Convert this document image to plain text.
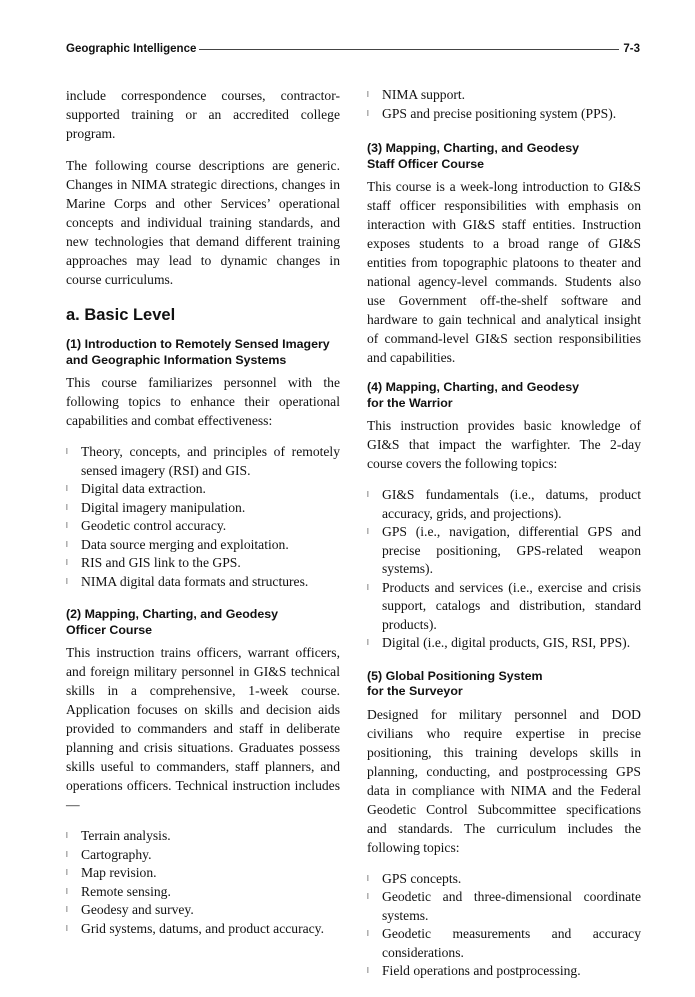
Geographic Intelligence	7-3

include correspondence courses, contractor-supported training or an accredited college program.

The following course descriptions are generic. Changes in NIMA strategic directions, changes in Marine Corps and other Services’ operational concepts and individual training standards, and new technologies that demand different training approaches may lead to dynamic changes in course curriculums.

a. Basic Level
(1) Introduction to Remotely Sensed Imagery
and Geographic Information Systems

This course familiarizes personnel with the following topics to enhance their operational capabilities and combat effectiveness:

l Theory, concepts, and principles of remotely sensed imagery (RSI) and GIS.
l Digital data extraction.
l Digital imagery manipulation.
l Geodetic control accuracy.
l Data source merging and exploitation.
l RIS and GIS link to the GPS.
l NIMA digital data formats and structures.
(2) Mapping, Charting, and Geodesy
Officer Course

This instruction trains officers, warrant officers, and foreign military personnel in GI&S technical skills in a comprehensive, 1-week course. Application focuses on skills and decision aids provided to commanders and staff in deliberate planning and crisis situations. Graduates possess skills useful to commanders, staff planners, and operations officers. Technical instruction includes—

l Terrain analysis.
l Cartography.
l Map revision.
l Remote sensing.
l Geodesy and survey.
l Grid systems, datums, and product accuracy.
l NIMA support.
l GPS and precise positioning system (PPS).
(3) Mapping, Charting, and Geodesy
Staff Officer Course

This course is a week-long introduction to GI&S staff officer responsibilities with emphasis on interaction with GI&S staff entities. Instruction exposes students to a broad range of GI&S entities from topographic platoons to theater and national agency-level commands. Students also use Government off-the-shelf software and hardware to gain technical and analytical insight of command-level GI&S section responsibilities and capabilities.

(4) Mapping, Charting, and Geodesy
for the Warrior

This instruction provides basic knowledge of GI&S that impact the warfighter. The 2-day course covers the following topics:

l GI&S fundamentals (i.e., datums, product accuracy, grids, and projections).
l GPS (i.e., navigation, differential GPS and precise positioning, GPS-related weapon systems).
l Products and services (i.e., exercise and crisis support, catalogs and distribution, standard products).
l Digital (i.e., digital products, GIS, RSI, PPS).
(5) Global Positioning System
for the Surveyor

Designed for military personnel and DOD civilians who require expertise in precise positioning, this training develops skills in planning, conducting, and postprocessing GPS data in compliance with NIMA and the Federal Geodetic Control Subcommittee specifications and standards. The curriculum includes the following topics:

l GPS concepts.
l Geodetic and three-dimensional coordinate systems.
l Geodetic measurements and accuracy considerations.
l Field operations and postprocessing.
